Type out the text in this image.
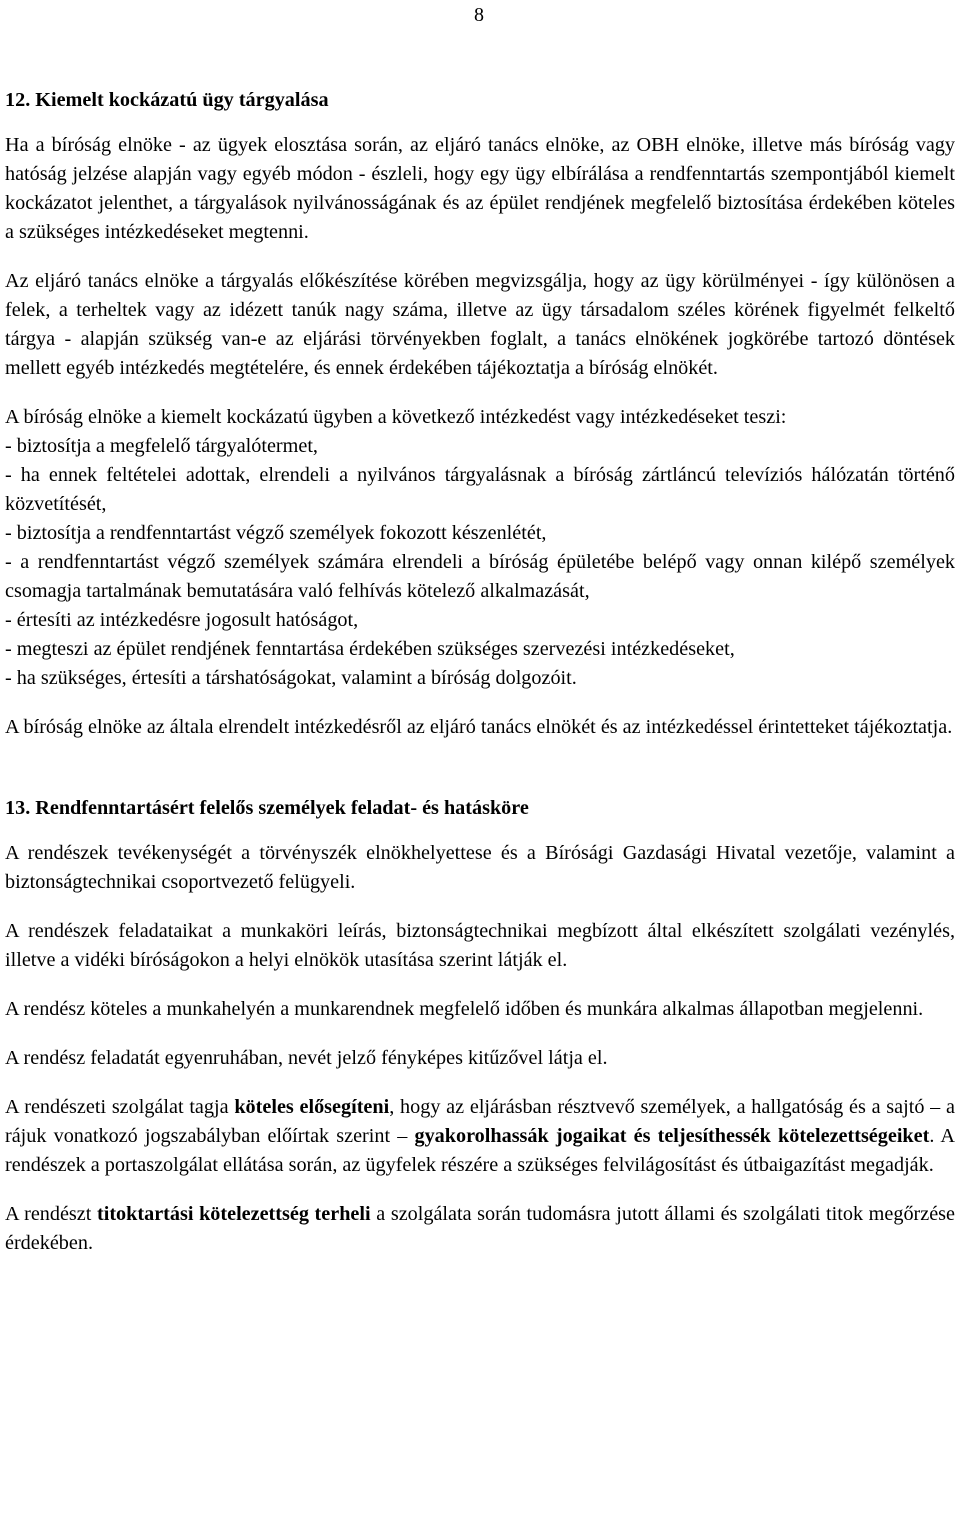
8
12. Kiemelt kockázatú ügy tárgyalása

Ha a bíróság elnöke - az ügyek elosztása során, az eljáró tanács elnöke, az OBH elnöke, illetve más bíróság vagy hatóság jelzése alapján vagy egyéb módon - észleli, hogy egy ügy elbírálása a rendfenntartás szempontjából kiemelt kockázatot jelenthet, a tárgyalások nyilvánosságának és az épület rendjének megfelelő biztosítása érdekében köteles a szükséges intézkedéseket megtenni.

Az eljáró tanács elnöke a tárgyalás előkészítése körében megvizsgálja, hogy az ügy körülményei - így különösen a felek, a terheltek vagy az idézett tanúk nagy száma, illetve az ügy társadalom széles körének figyelmét felkeltő tárgya - alapján szükség van-e az eljárási törvényekben foglalt, a tanács elnökének jogkörébe tartozó döntések mellett egyéb intézkedés megtételére, és ennek érdekében tájékoztatja a bíróság elnökét.

A bíróság elnöke a kiemelt kockázatú ügyben a következő intézkedést vagy intézkedéseket teszi:

- biztosítja a megfelelő tárgyalótermet,
- ha ennek feltételei adottak, elrendeli a nyilvános tárgyalásnak a bíróság zártláncú televíziós hálózatán történő közvetítését,
- biztosítja a rendfenntartást végző személyek fokozott készenlétét,
- a rendfenntartást végző személyek számára elrendeli a bíróság épületébe belépő vagy onnan kilépő személyek csomagja tartalmának bemutatására való felhívás kötelező alkalmazását,
- értesíti az intézkedésre jogosult hatóságot,
- megteszi az épület rendjének fenntartása érdekében szükséges szervezési intézkedéseket,
- ha szükséges, értesíti a társhatóságokat, valamint a bíróság dolgozóit.

A bíróság elnöke az általa elrendelt intézkedésről az eljáró tanács elnökét és az intézkedéssel érintetteket tájékoztatja.

13. Rendfenntartásért felelős személyek feladat- és hatásköre

A rendészek tevékenységét a törvényszék elnökhelyettese és a Bírósági Gazdasági Hivatal vezetője, valamint a biztonságtechnikai csoportvezető felügyeli.

A rendészek feladataikat a munkaköri leírás, biztonságtechnikai megbízott által elkészített szolgálati vezénylés, illetve a vidéki bíróságokon a helyi elnökök utasítása szerint látják el.

A rendész köteles a munkahelyén a munkarendnek megfelelő időben és munkára alkalmas állapotban megjelenni.

A rendész feladatát egyenruhában, nevét jelző fényképes kitűzővel látja el.

A rendészeti szolgálat tagja köteles elősegíteni, hogy az eljárásban résztvevő személyek, a hallgatóság és a sajtó – a rájuk vonatkozó jogszabályban előírtak szerint – gyakorolhassák jogaikat és teljesíthessék kötelezettségeiket. A rendészek a portaszolgálat ellátása során, az ügyfelek részére a szükséges felvilágosítást és útbaigazítást megadják.

A rendészt titoktartási kötelezettség terheli a szolgálata során tudomásra jutott állami és szolgálati titok megőrzése érdekében.
